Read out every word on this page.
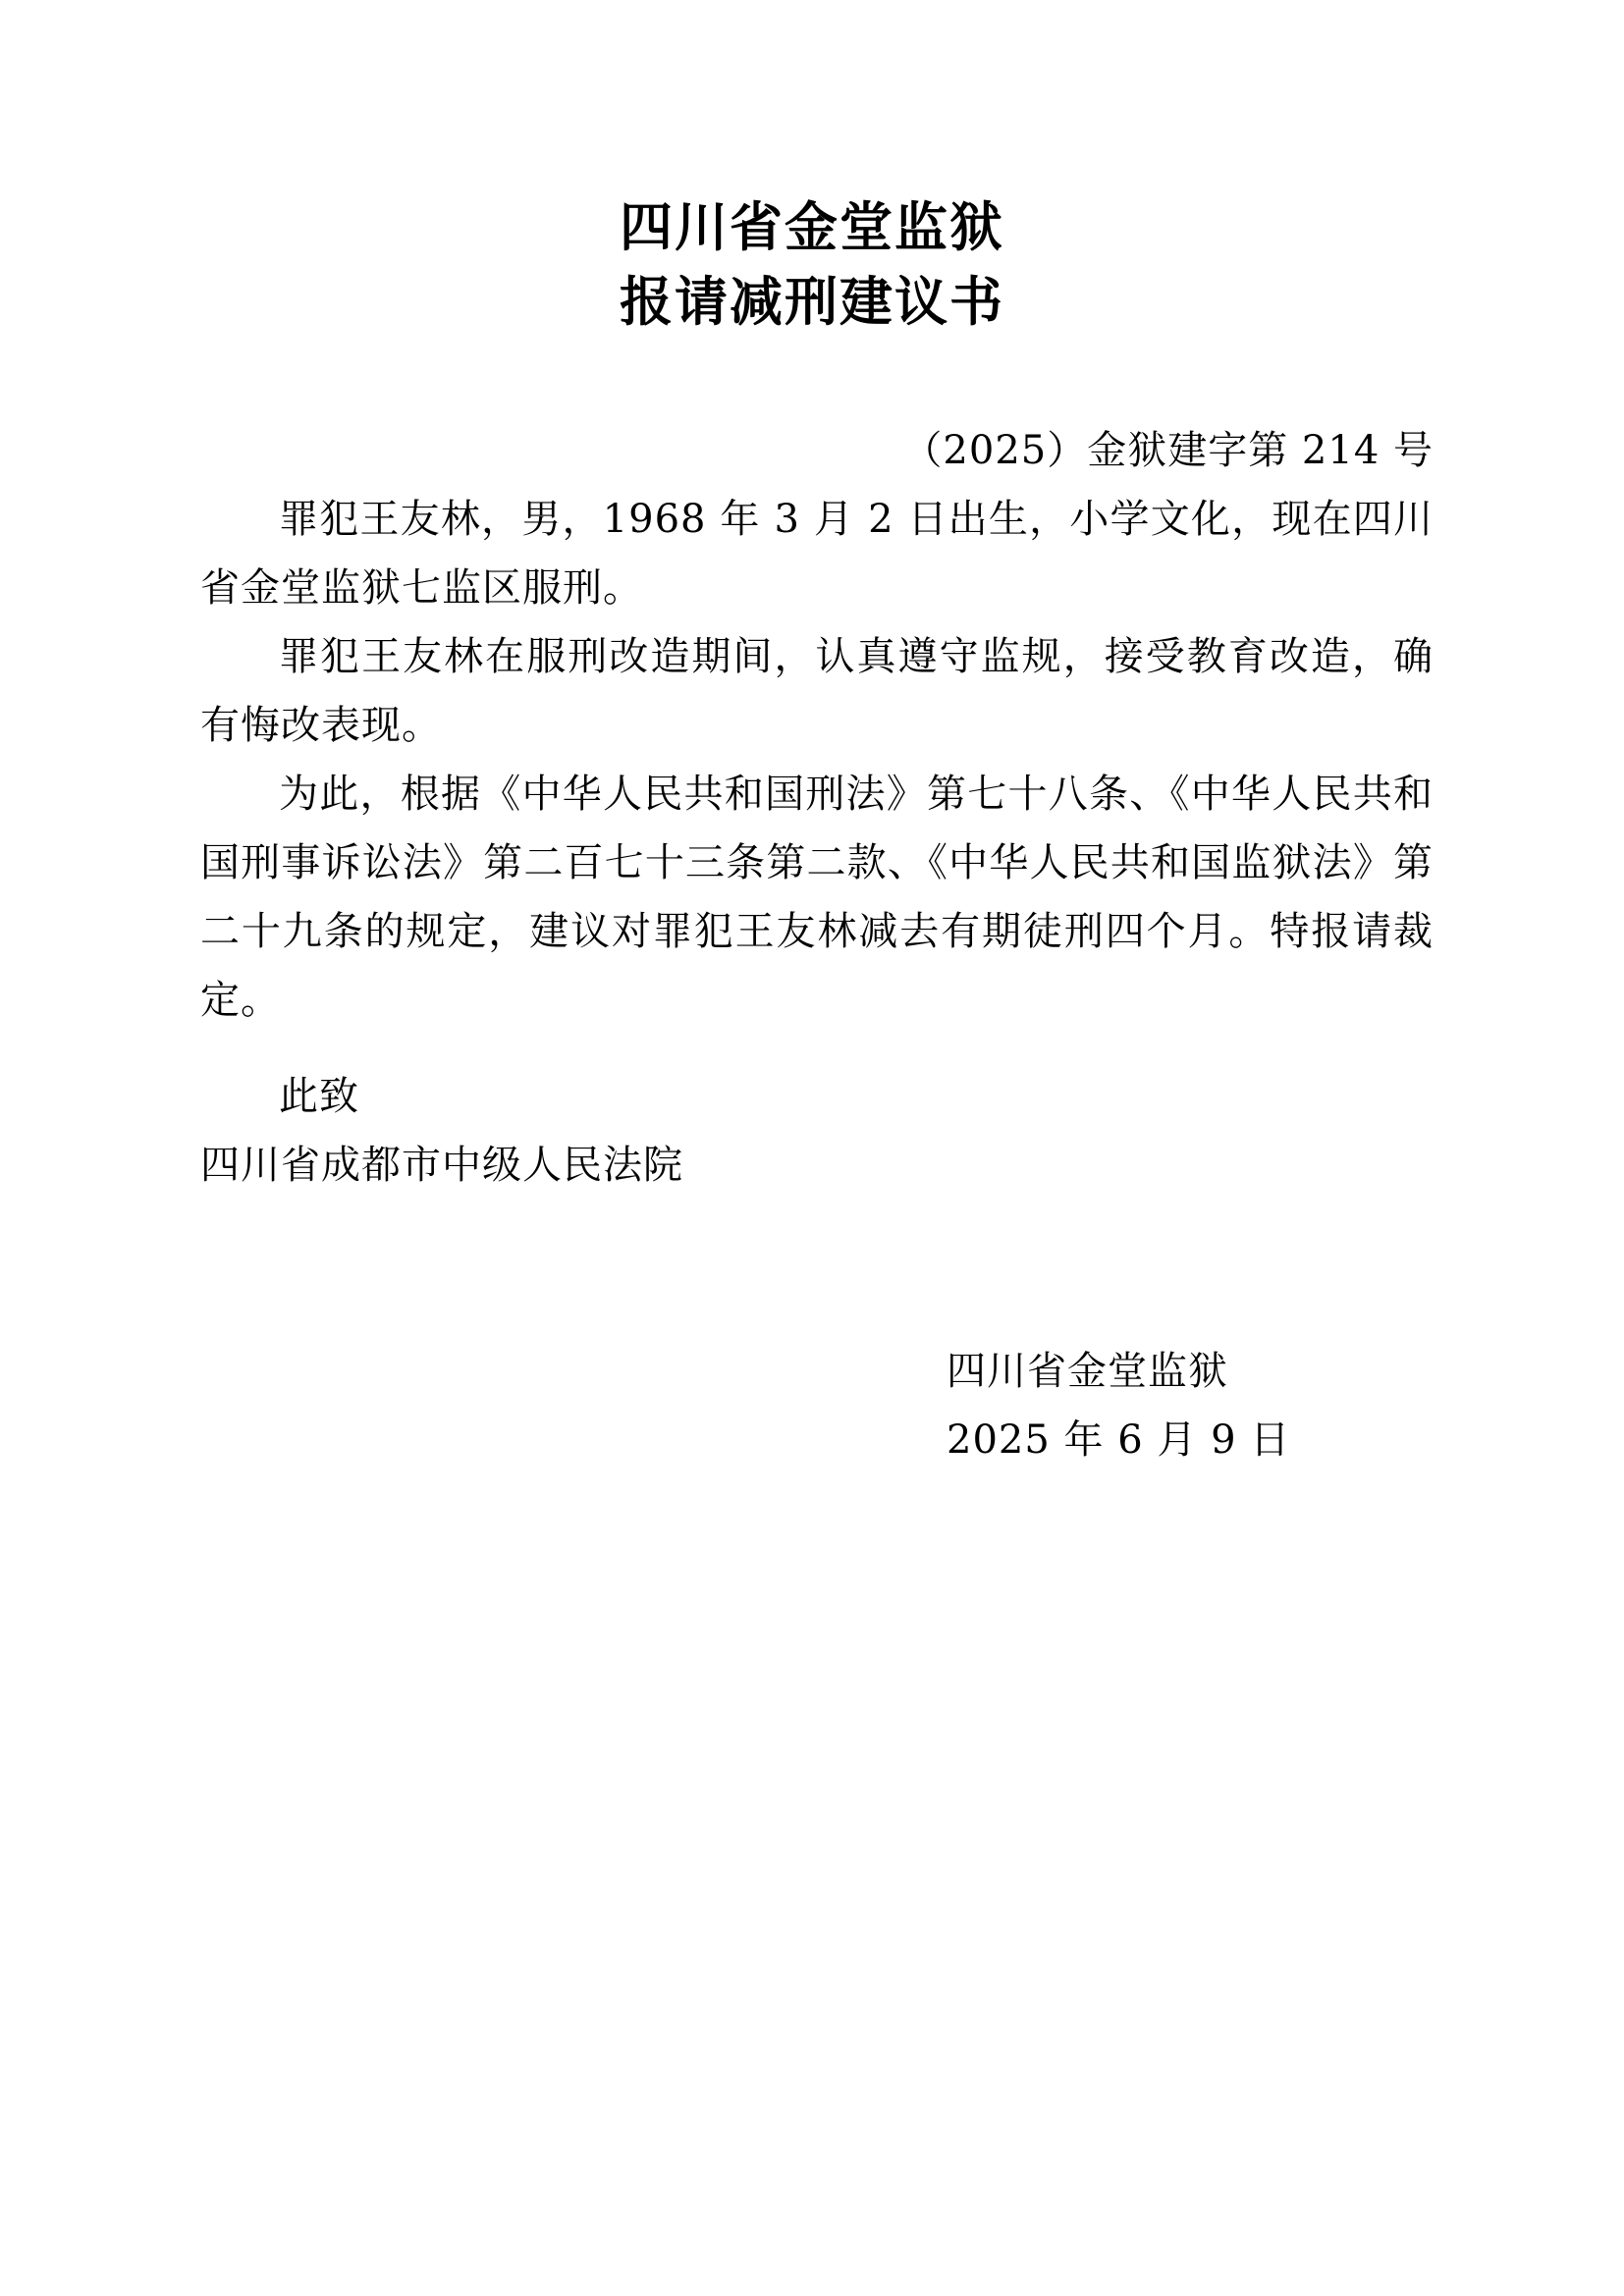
四川省金堂监狱
报请减刑建议书
（2025）金狱建字第 214 号

罪犯王友林，男，1968 年 3 月 2 日出生，小学文化，现在四川省金堂监狱七监区服刑。

罪犯王友林在服刑改造期间，认真遵守监规，接受教育改造，确有悔改表现。

为此，根据《中华人民共和国刑法》第七十八条、《中华人民共和国刑事诉讼法》第二百七十三条第二款、《中华人民共和国监狱法》第二十九条的规定，建议对罪犯王友林减去有期徒刑四个月。特报请裁定。

此致
四川省成都市中级人民法院
四川省金堂监狱
2025 年 6 月 9 日
